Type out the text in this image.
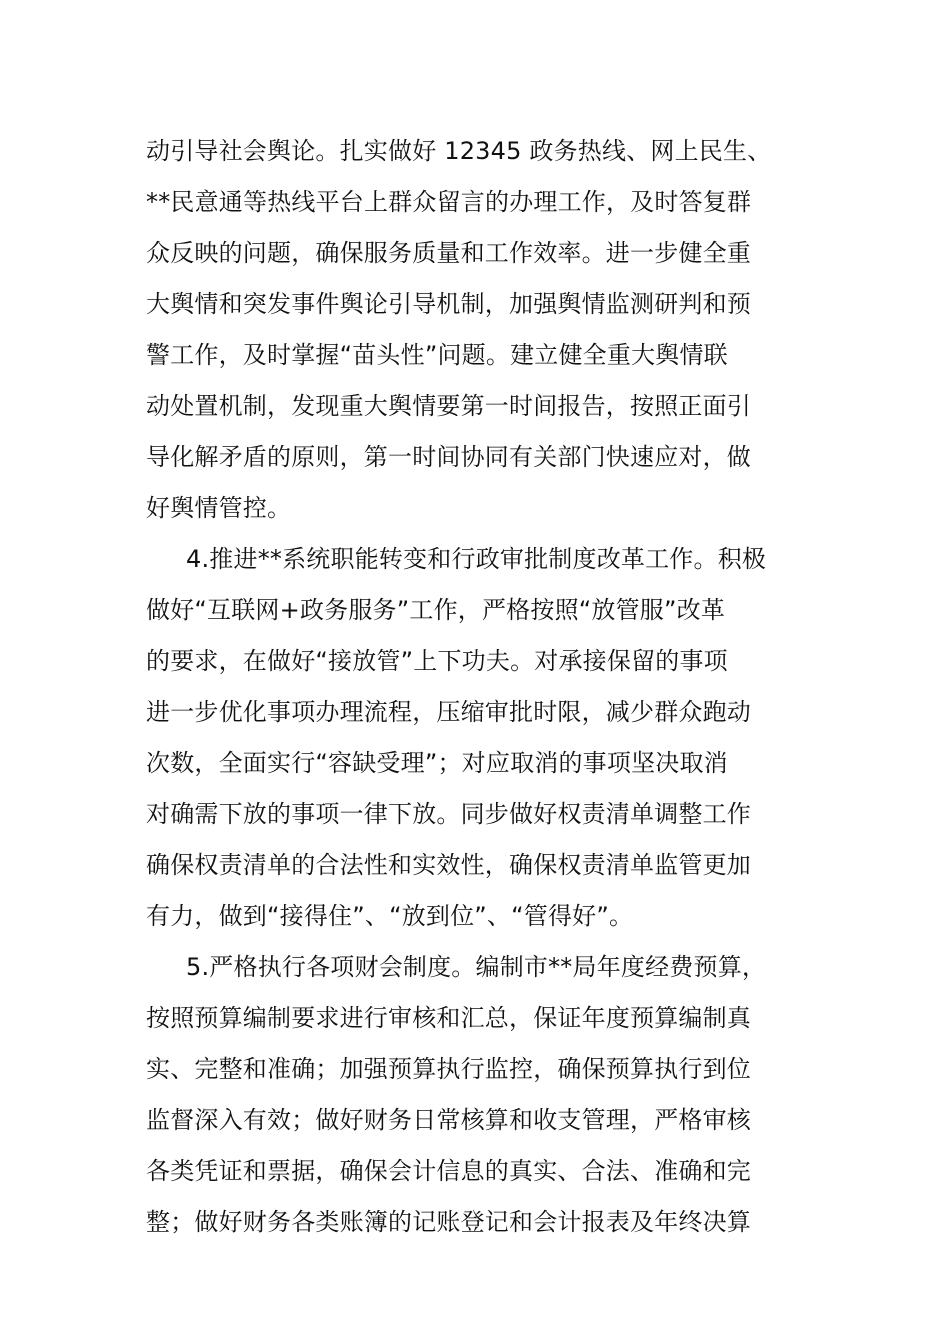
动引导社会舆论。扎实做好 12345 政务热线、网上民生、
**民意通等热线平台上群众留言的办理工作，及时答复群
众反映的问题，确保服务质量和工作效率。进一步健全重
大舆情和突发事件舆论引导机制，加强舆情监测研判和预
警工作，及时掌握“苗头性”问题。建立健全重大舆情联
动处置机制，发现重大舆情要第一时间报告，按照正面引
导化解矛盾的原则，第一时间协同有关部门快速应对，做
好舆情管控。
4.推进**系统职能转变和行政审批制度改革工作。积极
做好“互联网+政务服务”工作，严格按照“放管服”改革
的要求，在做好“接放管”上下功夫。对承接保留的事项
进一步优化事项办理流程，压缩审批时限，减少群众跑动
次数，全面实行“容缺受理”；对应取消的事项坚决取消
对确需下放的事项一律下放。同步做好权责清单调整工作
确保权责清单的合法性和实效性，确保权责清单监管更加
有力，做到“接得住”、“放到位”、“管得好”。
5.严格执行各项财会制度。编制市**局年度经费预算，
按照预算编制要求进行审核和汇总，保证年度预算编制真
实、完整和准确；加强预算执行监控，确保预算执行到位
监督深入有效；做好财务日常核算和收支管理，严格审核
各类凭证和票据，确保会计信息的真实、合法、准确和完
整；做好财务各类账簿的记账登记和会计报表及年终决算
